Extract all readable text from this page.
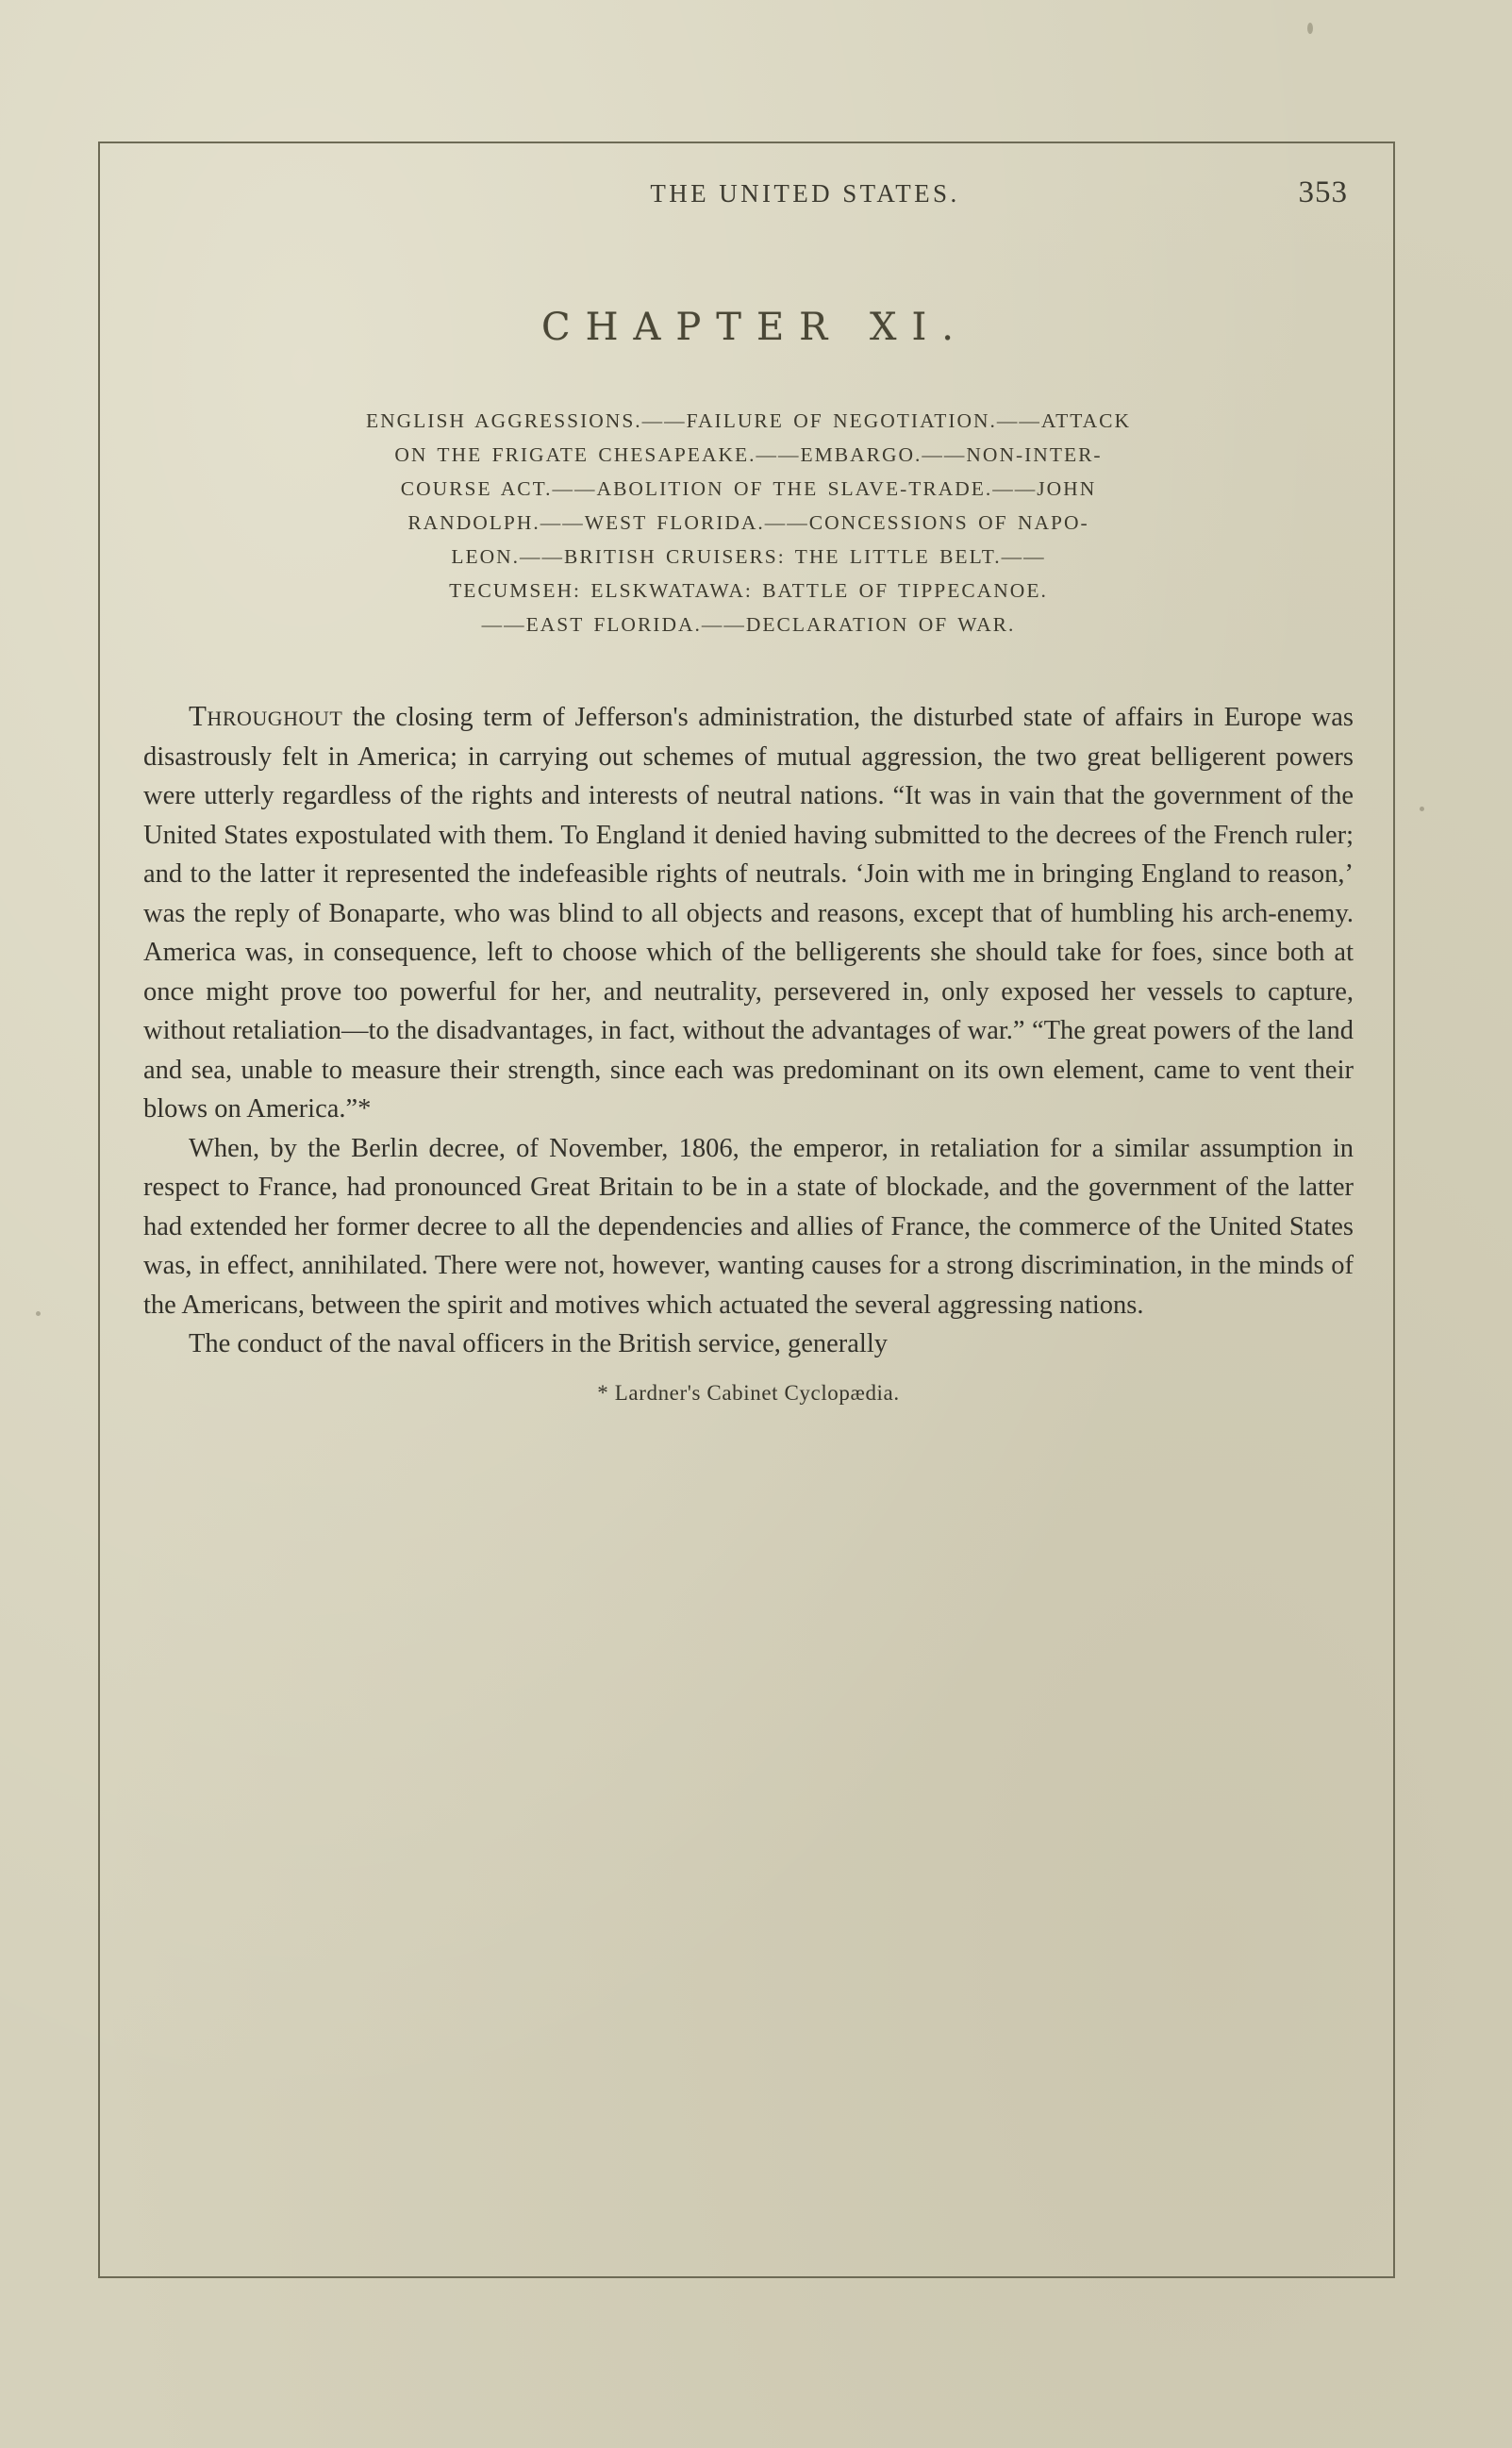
THE UNITED STATES.	353
CHAPTER XI.
ENGLISH AGGRESSIONS.——FAILURE OF NEGOTIATION.——ATTACK
ON THE FRIGATE CHESAPEAKE.——EMBARGO.——NON-INTER-
COURSE ACT.——ABOLITION OF THE SLAVE-TRADE.——JOHN
RANDOLPH.——WEST FLORIDA.——CONCESSIONS OF NAPO-
LEON.——BRITISH CRUISERS: THE LITTLE BELT.——
TECUMSEH: ELSKWATAWA: BATTLE OF TIPPECANOE.
——EAST FLORIDA.——DECLARATION OF WAR.

Throughout the closing term of Jefferson's administration, the disturbed state of affairs in Europe was disastrously felt in America; in carrying out schemes of mutual aggression, the two great belligerent powers were utterly regardless of the rights and interests of neutral nations. “It was in vain that the government of the United States expostulated with them. To England it denied having submitted to the decrees of the French ruler; and to the latter it represented the indefeasible rights of neutrals. ‘Join with me in bringing England to reason,’ was the reply of Bonaparte, who was blind to all objects and reasons, except that of humbling his arch-enemy. America was, in consequence, left to choose which of the belligerents she should take for foes, since both at once might prove too powerful for her, and neutrality, persevered in, only exposed her vessels to capture, without retaliation—to the disadvantages, in fact, without the advantages of war.” “The great powers of the land and sea, unable to measure their strength, since each was predominant on its own element, came to vent their blows on America.”*

When, by the Berlin decree, of November, 1806, the emperor, in retaliation for a similar assumption in respect to France, had pronounced Great Britain to be in a state of blockade, and the government of the latter had extended her former decree to all the dependencies and allies of France, the commerce of the United States was, in effect, annihilated. There were not, however, wanting causes for a strong discrimination, in the minds of the Americans, between the spirit and motives which actuated the several aggressing nations.

The conduct of the naval officers in the British service, generally

* Lardner's Cabinet Cyclopædia.
